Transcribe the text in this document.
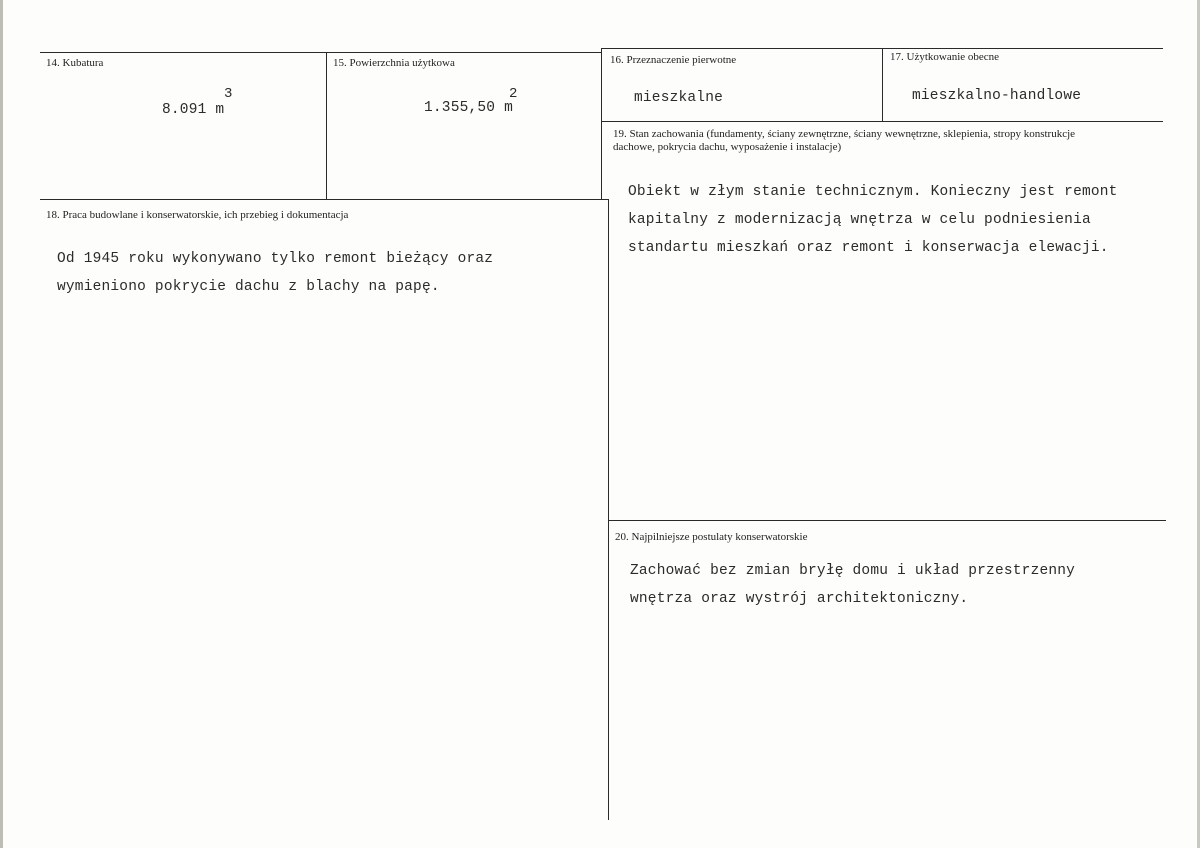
14. Kubatura
8.091 m
3
15. Powierzchnia użytkowa
1.355,50 m
2
16. Przeznaczenie pierwotne
mieszkalne
17. Użytkowanie obecne
mieszkalno-handlowe
19. Stan zachowania (fundamenty, ściany zewnętrzne, ściany wewnętrzne, sklepienia, stropy konstrukcje dachowe, pokrycia dachu, wyposażenie i instalacje)
Obiekt w złym stanie technicznym. Konieczny jest remont kapitalny z modernizacją wnętrza w celu podniesienia standartu mieszkań oraz remont i konserwacja elewacji.
18. Praca budowlane i konserwatorskie, ich przebieg i dokumentacja
Od 1945 roku wykonywano tylko remont bieżący oraz wymieniono pokrycie dachu z blachy na papę.
20. Najpilniejsze postulaty konserwatorskie
Zachować bez zmian bryłę domu i układ przestrzenny wnętrza oraz wystrój architektoniczny.
